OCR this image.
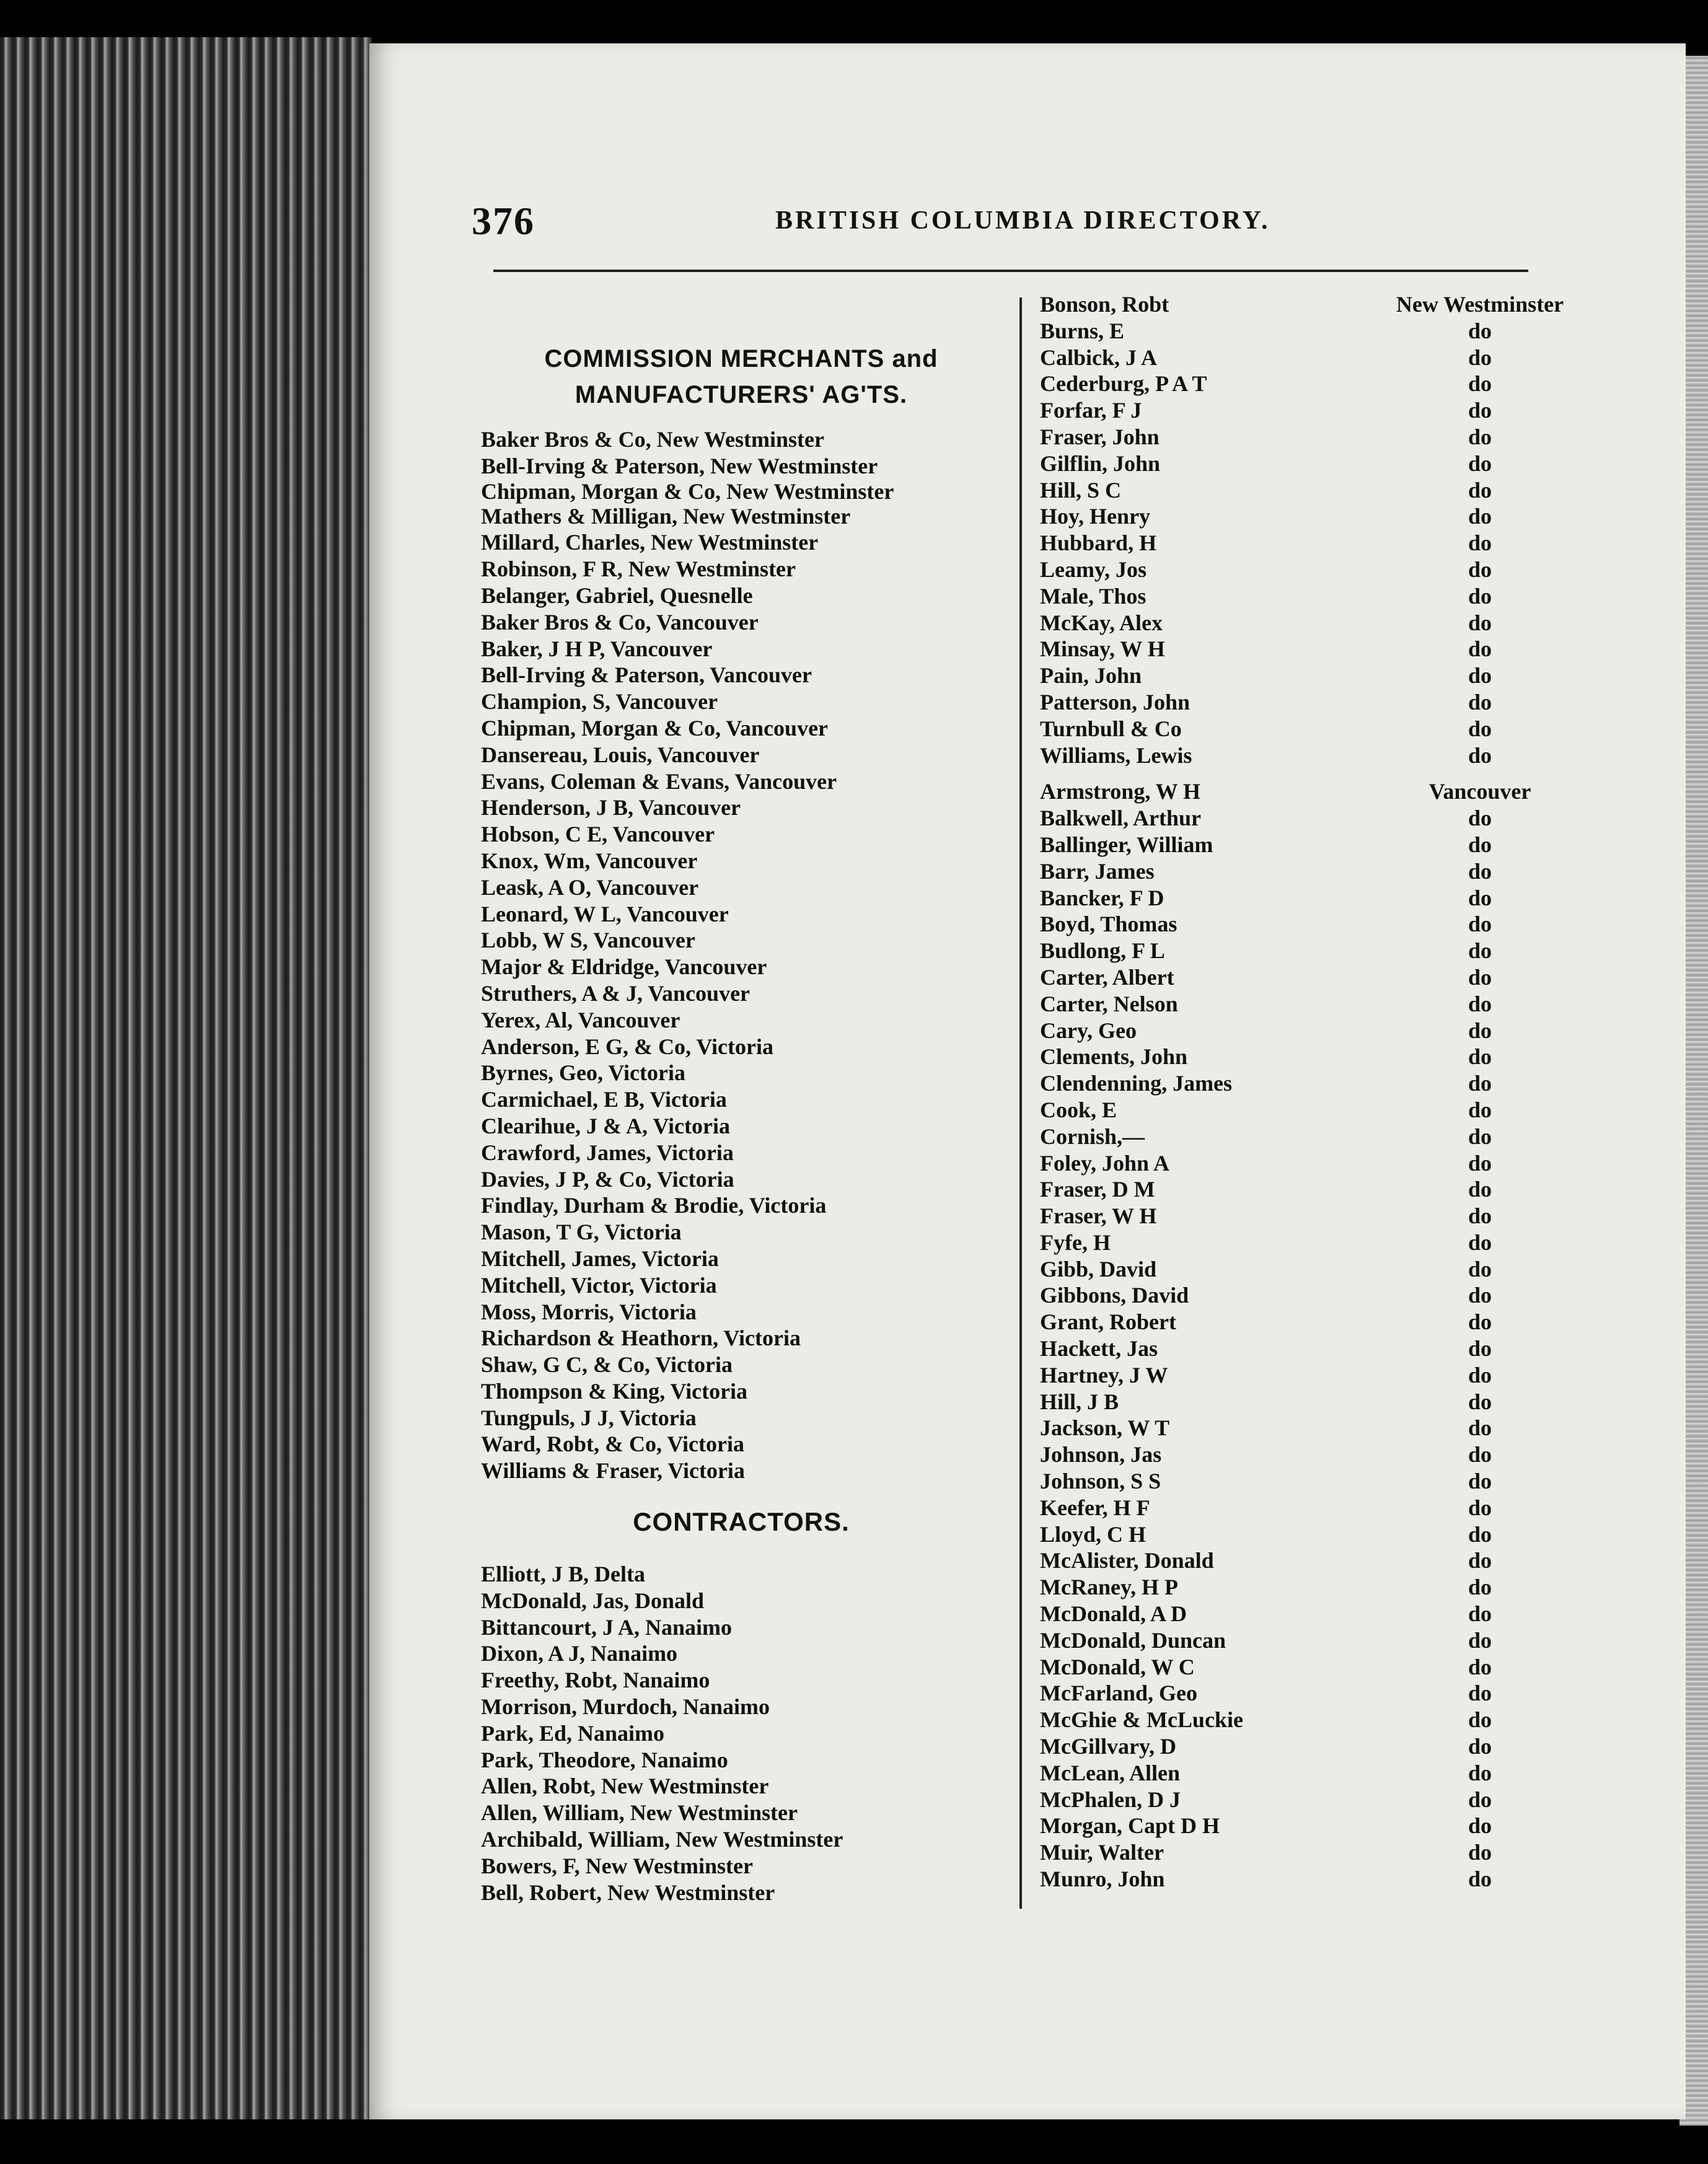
376	BRITISH COLUMBIA DIRECTORY.
COMMISSION MERCHANTS and
MANUFACTURERS' AG'TS.
Baker Bros & Co, New Westminster
Bell-Irving & Paterson, New Westminster
Chipman, Morgan & Co, New Westminster
Mathers & Milligan, New Westminster
Millard, Charles, New Westminster
Robinson, F R, New Westminster
Belanger, Gabriel, Quesnelle
Baker Bros & Co, Vancouver
Baker, J H P, Vancouver
Bell-Irving & Paterson, Vancouver
Champion, S, Vancouver
Chipman, Morgan & Co, Vancouver
Dansereau, Louis, Vancouver
Evans, Coleman & Evans, Vancouver
Henderson, J B, Vancouver
Hobson, C E, Vancouver
Knox, Wm, Vancouver
Leask, A O, Vancouver
Leonard, W L, Vancouver
Lobb, W S, Vancouver
Major & Eldridge, Vancouver
Struthers, A & J, Vancouver
Yerex, Al, Vancouver
Anderson, E G, & Co, Victoria
Byrnes, Geo, Victoria
Carmichael, E B, Victoria
Clearihue, J & A, Victoria
Crawford, James, Victoria
Davies, J P, & Co, Victoria
Findlay, Durham & Brodie, Victoria
Mason, T G, Victoria
Mitchell, James, Victoria
Mitchell, Victor, Victoria
Moss, Morris, Victoria
Richardson & Heathorn, Victoria
Shaw, G C, & Co, Victoria
Thompson & King, Victoria
Tungpuls, J J, Victoria
Ward, Robt, & Co, Victoria
Williams & Fraser, Victoria
CONTRACTORS.
Elliott, J B, Delta
McDonald, Jas, Donald
Bittancourt, J A, Nanaimo
Dixon, A J, Nanaimo
Freethy, Robt, Nanaimo
Morrison, Murdoch, Nanaimo
Park, Ed, Nanaimo
Park, Theodore, Nanaimo
Allen, Robt, New Westminster
Allen, William, New Westminster
Archibald, William, New Westminster
Bowers, F, New Westminster
Bell, Robert, New Westminster
Bonson, Robt	New Westminster
Burns, E	do
Calbick, J A	do
Cederburg, P A T	do
Forfar, F J	do
Fraser, John	do
Gilflin, John	do
Hill, S C	do
Hoy, Henry	do
Hubbard, H	do
Leamy, Jos	do
Male, Thos	do
McKay, Alex	do
Minsay, W H	do
Pain, John	do
Patterson, John	do
Turnbull & Co	do
Williams, Lewis	do
Armstrong, W H	Vancouver
Balkwell, Arthur	do
Ballinger, William	do
Barr, James	do
Bancker, F D	do
Boyd, Thomas	do
Budlong, F L	do
Carter, Albert	do
Carter, Nelson	do
Cary, Geo	do
Clements, John	do
Clendenning, James	do
Cook, E	do
Cornish,—	do
Foley, John A	do
Fraser, D M	do
Fraser, W H	do
Fyfe, H	do
Gibb, David	do
Gibbons, David	do
Grant, Robert	do
Hackett, Jas	do
Hartney, J W	do
Hill, J B	do
Jackson, W T	do
Johnson, Jas	do
Johnson, S S	do
Keefer, H F	do
Lloyd, C H	do
McAlister, Donald	do
McRaney, H P	do
McDonald, A D	do
McDonald, Duncan	do
McDonald, W C	do
McFarland, Geo	do
McGhie & McLuckie	do
McGillvary, D	do
McLean, Allen	do
McPhalen, D J	do
Morgan, Capt D H	do
Muir, Walter	do
Munro, John	do
